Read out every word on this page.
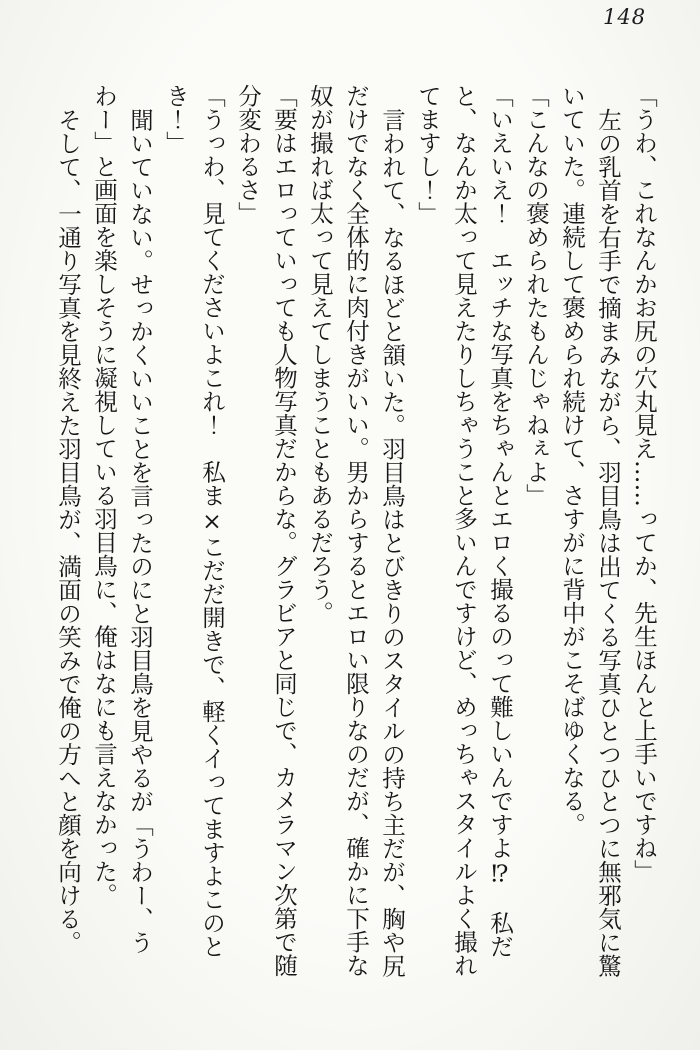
148

「うわ、これなんかお尻の穴丸見え……ってか、先生ほんと上手いですね」

左の乳首を右手で摘まみながら、羽目鳥は出てくる写真ひとつひとつに無邪気に驚いていた。連続して褒められ続けて、さすがに背中がこそばゆくなる。

「こんなの褒められたもんじゃねぇよ」

「いえいえ！　エッチな写真をちゃんとエロく撮るのって難しいんですよ⁉　私だと、なんか太って見えたりしちゃうこと多いんですけど、めっちゃスタイルよく撮れてますし！」

言われて、なるほどと頷いた。羽目鳥はとびきりのスタイルの持ち主だが、胸や尻だけでなく全体的に肉付きがいい。男からするとエロい限りなのだが、確かに下手な奴が撮れば太って見えてしまうこともあるだろう。

「要はエロっていっても人物写真だからな。グラビアと同じで、カメラマン次第で随分変わるさ」

「うっわ、見てくださいよこれ！　私ま×こだだ開きで、軽くイってますよこのとき！」

聞いていない。せっかくいいことを言ったのにと羽目鳥を見やるが「うわー、うわー」と画面を楽しそうに凝視している羽目鳥に、俺はなにも言えなかった。

そして、一通り写真を見終えた羽目鳥が、満面の笑みで俺の方へと顔を向ける。
